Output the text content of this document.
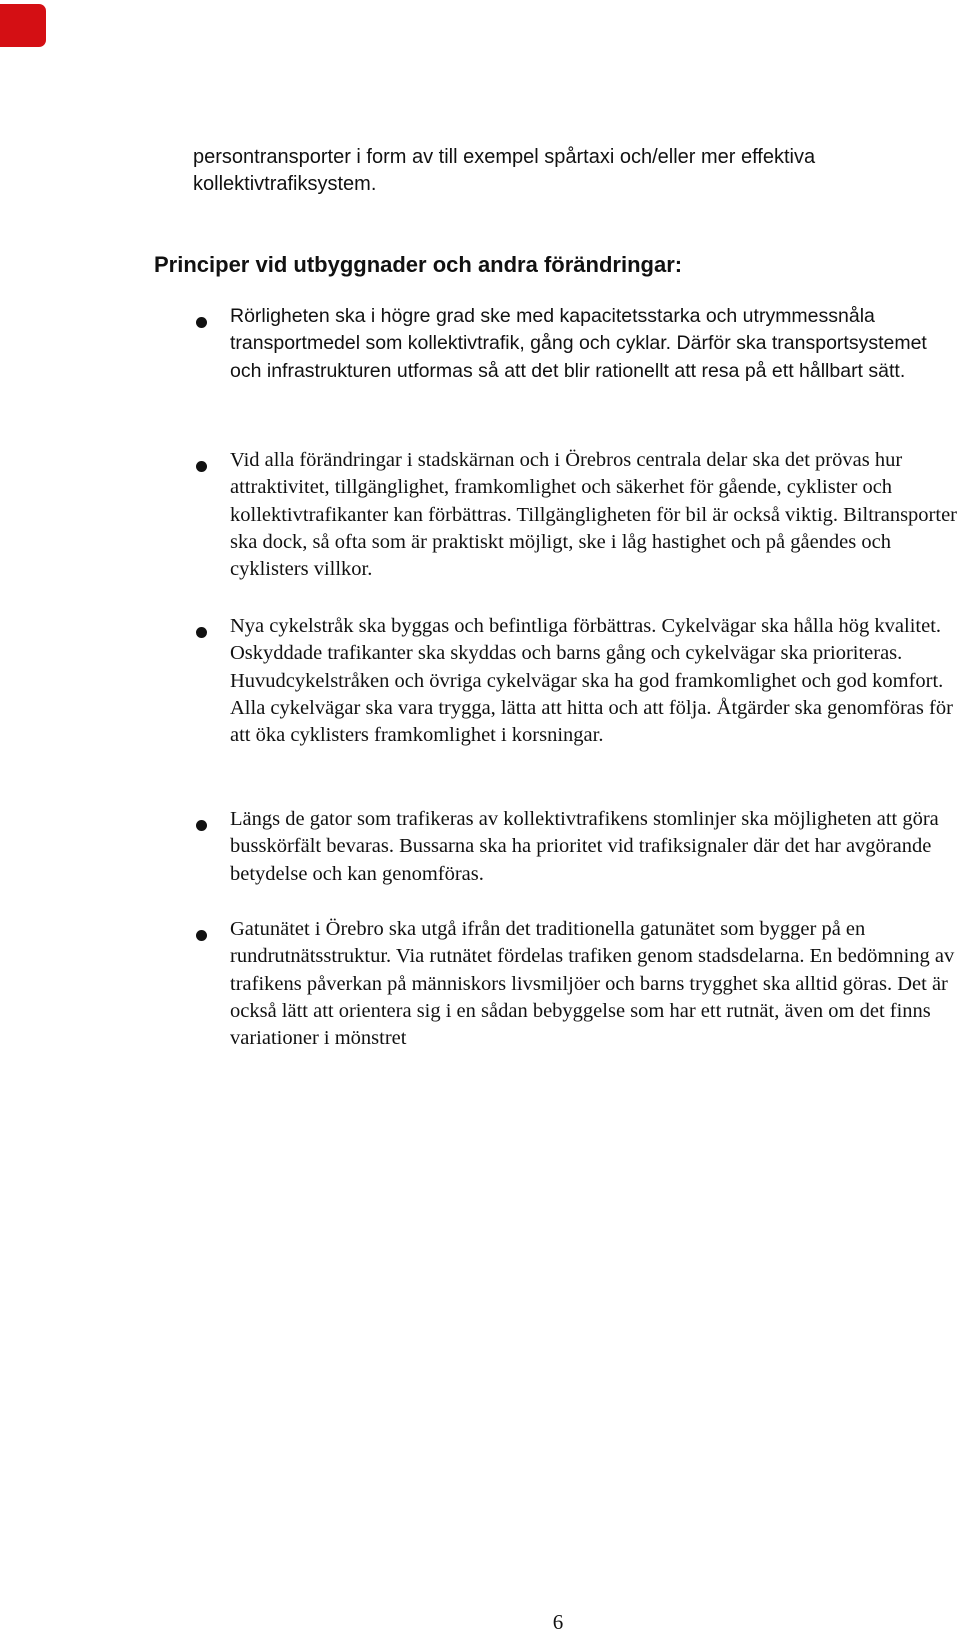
persontransporter i form av till exempel spårtaxi och/eller mer effektiva kollektivtrafiksystem.

Principer vid utbyggnader och andra förändringar:

Rörligheten ska i högre grad ske med kapacitetsstarka och utrymmessnåla transportmedel som kollektivtrafik, gång och cyklar. Därför ska transportsystemet och infrastrukturen utformas så att det blir rationellt att resa på ett hållbart sätt.

Vid alla förändringar i stadskärnan och i Örebros centrala delar ska det prövas hur attraktivitet, tillgänglighet, framkomlighet och säkerhet för gående, cyklister och kollektivtrafikanter kan förbättras. Tillgängligheten för bil är också viktig. Biltransporter ska dock, så ofta som är praktiskt möjligt, ske i låg hastighet och på gåendes och cyklisters villkor.

Nya cykelstråk ska byggas och befintliga förbättras. Cykelvägar ska hålla hög kvalitet. Oskyddade trafikanter ska skyddas och barns gång och cykelvägar ska prioriteras. Huvudcykelstråken och övriga cykelvägar ska ha god framkomlighet och god komfort. Alla cykelvägar ska vara trygga, lätta att hitta och att följa. Åtgärder ska genomföras för att öka cyklisters framkomlighet i korsningar.

Längs de gator som trafikeras av kollektivtrafikens stomlinjer ska möjligheten att göra busskörfält bevaras. Bussarna ska ha prioritet vid trafiksignaler där det har avgörande betydelse och kan genomföras.

Gatunätet i Örebro ska utgå ifrån det traditionella gatunätet som bygger på en rundrutnätsstruktur. Via rutnätet fördelas trafiken genom stadsdelarna. En bedömning av trafikens påverkan på människors livsmiljöer och barns trygghet ska alltid göras. Det är också lätt att orientera sig i en sådan bebyggelse som har ett rutnät, även om det finns variationer i mönstret

6
